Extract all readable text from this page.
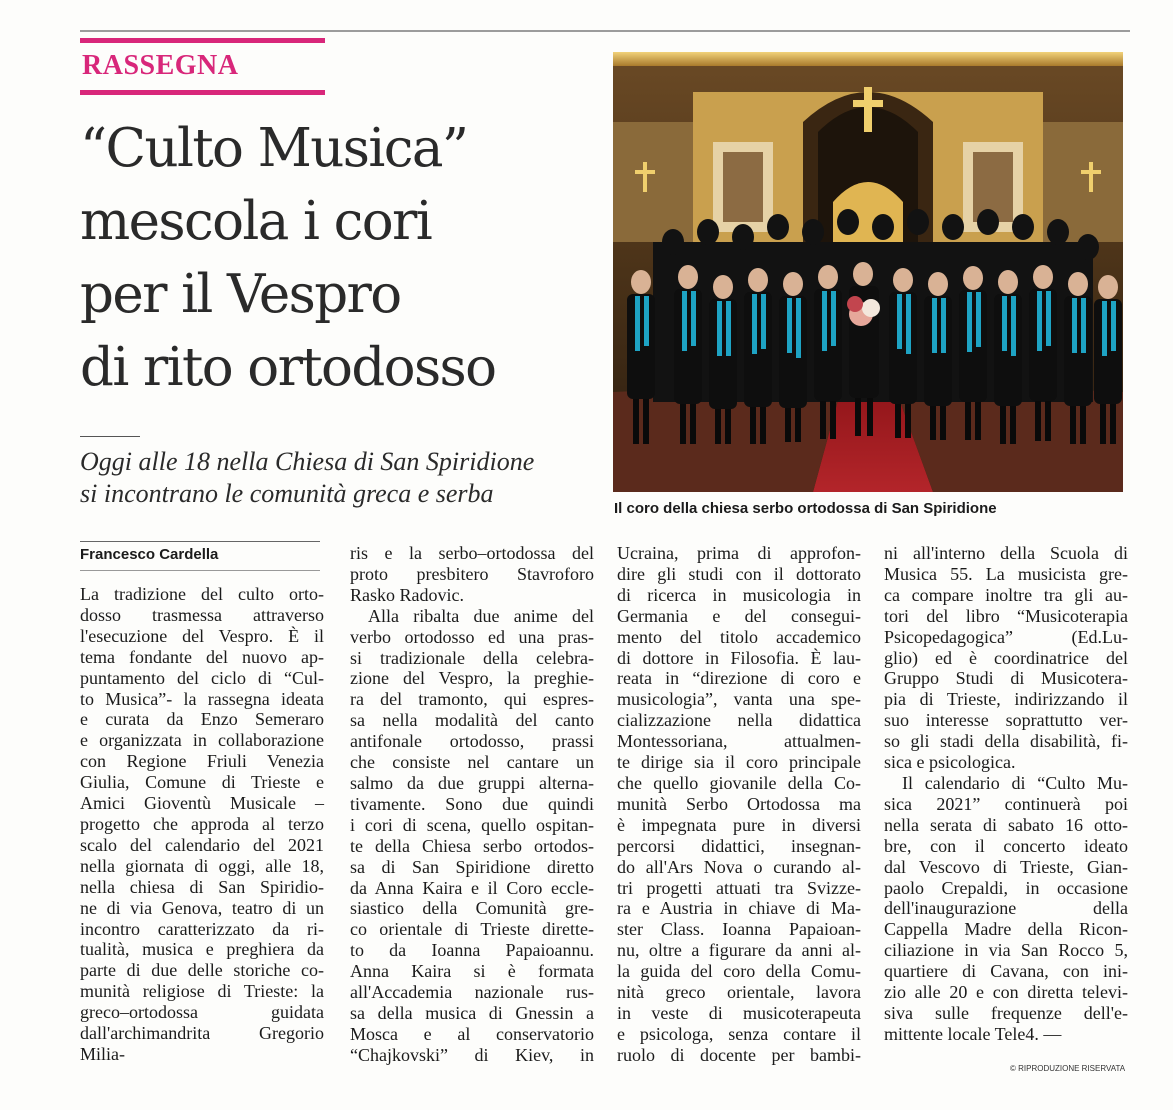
RASSEGNA
“Culto Musica”
mescola i cori
per il Vespro
di rito ortodosso
Oggi alle 18 nella Chiesa di San Spiridione
si incontrano le comunità greca e serba
Il coro della chiesa serbo ortodossa di San Spiridione
Francesco Cardella
La tradizione del culto orto-
dosso trasmessa attraverso
l'esecuzione del Vespro. È il
tema fondante del nuovo ap-
puntamento del ciclo di “Cul-
to Musica”- la rassegna ideata
e curata da Enzo Semeraro
e organizzata in collaborazione
con Regione Friuli Venezia
Giulia, Comune di Trieste e
Amici Gioventù Musicale –
progetto che approda al terzo
scalo del calendario del 2021
nella giornata di oggi, alle 18,
nella chiesa di San Spiridio-
ne di via Genova, teatro di un
incontro caratterizzato da ri-
tualità, musica e preghiera da
parte di due delle storiche co-
munità religiose di Trieste: la
greco–ortodossa guidata
dall'archimandrita Gregorio
Milia-
ris e la serbo–ortodossa del
proto presbitero Stavroforo
Rasko Radovic.
Alla ribalta due anime del
verbo ortodosso ed una pras-
si tradizionale della celebra-
zione del Vespro, la preghie-
ra del tramonto, qui espres-
sa nella modalità del canto
antifonale ortodosso, prassi
che consiste nel cantare un
salmo da due gruppi alterna-
tivamente. Sono due quindi
i cori di scena, quello ospitan-
te della Chiesa serbo ortodos-
sa di San Spiridione diretto
da Anna Kaira e il Coro eccle-
siastico della Comunità gre-
co orientale di Trieste dirette-
to da Ioanna Papaioannu.
Anna Kaira si è formata
all'Accademia nazionale rus-
sa della musica di Gnessin a
Mosca e al conservatorio
“Chajkovski” di Kiev, in
Ucraina, prima di approfon-
dire gli studi con il dottorato
di ricerca in musicologia in
Germania e del consegui-
mento del titolo accademico
di dottore in Filosofia. È lau-
reata in “direzione di coro e
musicologia”, vanta una spe-
cializzazione nella didattica
Montessoriana, attualmen-
te dirige sia il coro principale
che quello giovanile della Co-
munità Serbo Ortodossa ma
è impegnata pure in diversi
percorsi didattici, insegnan-
do all'Ars Nova o curando al-
tri progetti attuati tra Svizze-
ra e Austria in chiave di Ma-
ster Class. Ioanna Papaioan-
nu, oltre a figurare da anni al-
la guida del coro della Comu-
nità greco orientale, lavora
in veste di musicoterapeuta
e psicologa, senza contare il
ruolo di docente per bambi-
ni all'interno della Scuola di
Musica 55. La musicista gre-
ca compare inoltre tra gli au-
tori del libro “Musicoterapia
Psicopedagogica” (Ed.Lu-
glio) ed è coordinatrice del
Gruppo Studi di Musicotera-
pia di Trieste, indirizzando il
suo interesse soprattutto ver-
so gli stadi della disabilità, fi-
sica e psicologica.
Il calendario di “Culto Mu-
sica 2021” continuerà poi
nella serata di sabato 16 otto-
bre, con il concerto ideato
dal Vescovo di Trieste, Gian-
paolo Crepaldi, in occasione
dell'inaugurazione della
Cappella Madre della Ricon-
ciliazione in via San Rocco 5,
quartiere di Cavana, con ini-
zio alle 20 e con diretta televi-
siva sulle frequenze dell'e-
mittente locale Tele4. —
© RIPRODUZIONE RISERVATA
